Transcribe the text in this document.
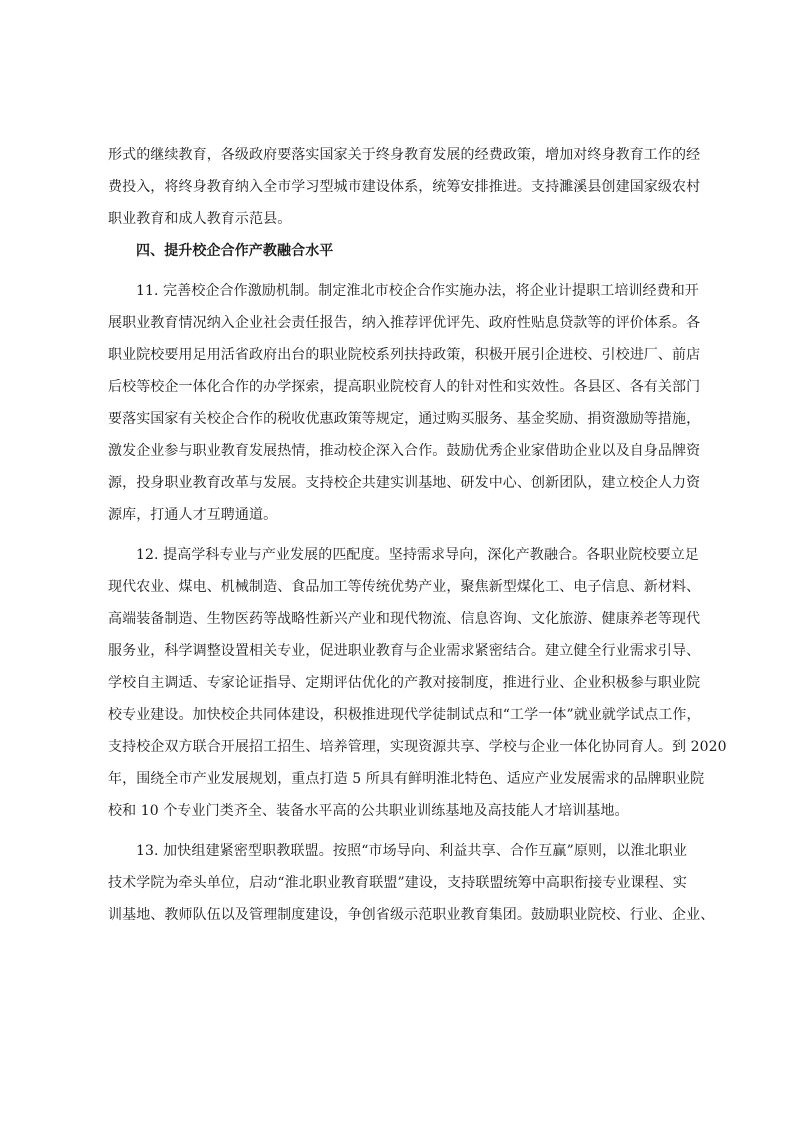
形式的继续教育，各级政府要落实国家关于终身教育发展的经费政策，增加对终身教育工作的经
费投入，将终身教育纳入全市学习型城市建设体系，统筹安排推进。支持濉溪县创建国家级农村
职业教育和成人教育示范县。
四、提升校企合作产教融合水平
11. 完善校企合作激励机制。制定淮北市校企合作实施办法，将企业计提职工培训经费和开
展职业教育情况纳入企业社会责任报告，纳入推荐评优评先、政府性贴息贷款等的评价体系。各
职业院校要用足用活省政府出台的职业院校系列扶持政策，积极开展引企进校、引校进厂、前店
后校等校企一体化合作的办学探索，提高职业院校育人的针对性和实效性。各县区、各有关部门
要落实国家有关校企合作的税收优惠政策等规定，通过购买服务、基金奖励、捐资激励等措施，
激发企业参与职业教育发展热情，推动校企深入合作。鼓励优秀企业家借助企业以及自身品牌资
源，投身职业教育改革与发展。支持校企共建实训基地、研发中心、创新团队，建立校企人力资
源库，打通人才互聘通道。
12. 提高学科专业与产业发展的匹配度。坚持需求导向，深化产教融合。各职业院校要立足
现代农业、煤电、机械制造、食品加工等传统优势产业，聚焦新型煤化工、电子信息、新材料、
高端装备制造、生物医药等战略性新兴产业和现代物流、信息咨询、文化旅游、健康养老等现代
服务业，科学调整设置相关专业，促进职业教育与企业需求紧密结合。建立健全行业需求引导、
学校自主调适、专家论证指导、定期评估优化的产教对接制度，推进行业、企业积极参与职业院
校专业建设。加快校企共同体建设，积极推进现代学徒制试点和“工学一体”就业就学试点工作，
支持校企双方联合开展招工招生、培养管理，实现资源共享、学校与企业一体化协同育人。到 2020
年，围绕全市产业发展规划，重点打造 5 所具有鲜明淮北特色、适应产业发展需求的品牌职业院
校和 10 个专业门类齐全、装备水平高的公共职业训练基地及高技能人才培训基地。
13. 加快组建紧密型职教联盟。按照“市场导向、利益共享、合作互赢”原则，以淮北职业
技术学院为牵头单位，启动“淮北职业教育联盟”建设，支持联盟统筹中高职衔接专业课程、实
训基地、教师队伍以及管理制度建设，争创省级示范职业教育集团。鼓励职业院校、行业、企业、
